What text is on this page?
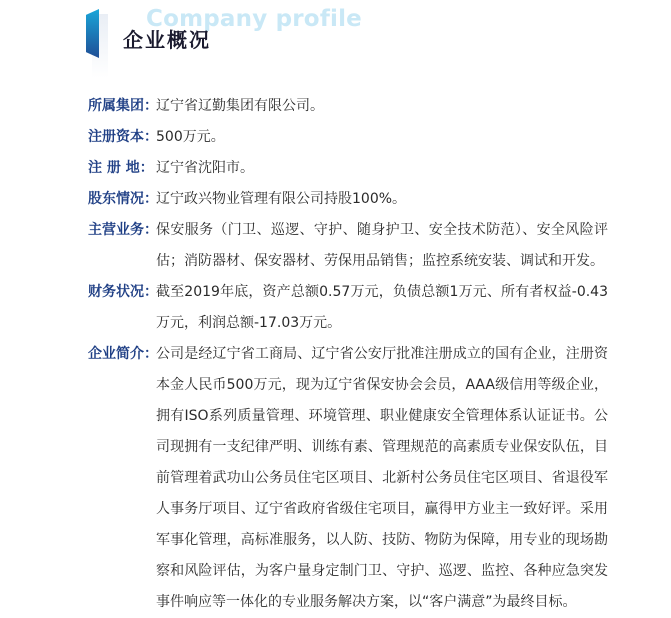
Company profile
企业概况
所属集团：
辽宁省辽勤集团有限公司。
注册资本：
500万元。
注 册 地： 辽宁省沈阳市。
股东情况：
辽宁政兴物业管理有限公司持股100%。
主营业务：
保安服务（门卫、巡逻、守护、随身护卫、安全技术防范）、安全风险评估；消防器材、保安器材、劳保用品销售；监控系统安装、调试和开发。
财务状况：
截至2019年底，资产总额0.57万元，负债总额1万元、所有者权益-0.43万元，利润总额-17.03万元。
企业简介：
公司是经辽宁省工商局、辽宁省公安厅批准注册成立的国有企业，注册资本金人民币500万元，现为辽宁省保安协会会员，AAA级信用等级企业，拥有ISO系列质量管理、环境管理、职业健康安全管理体系认证证书。公司现拥有一支纪律严明、训练有素、管理规范的高素质专业保安队伍，目前管理着武功山公务员住宅区项目、北新村公务员住宅区项目、省退役军人事务厅项目、辽宁省政府省级住宅项目，赢得甲方业主一致好评。采用军事化管理，高标准服务，以人防、技防、物防为保障，用专业的现场勘察和风险评估，为客户量身定制门卫、守护、巡逻、监控、各种应急突发事件响应等一体化的专业服务解决方案，以“客户满意”为最终目标。
